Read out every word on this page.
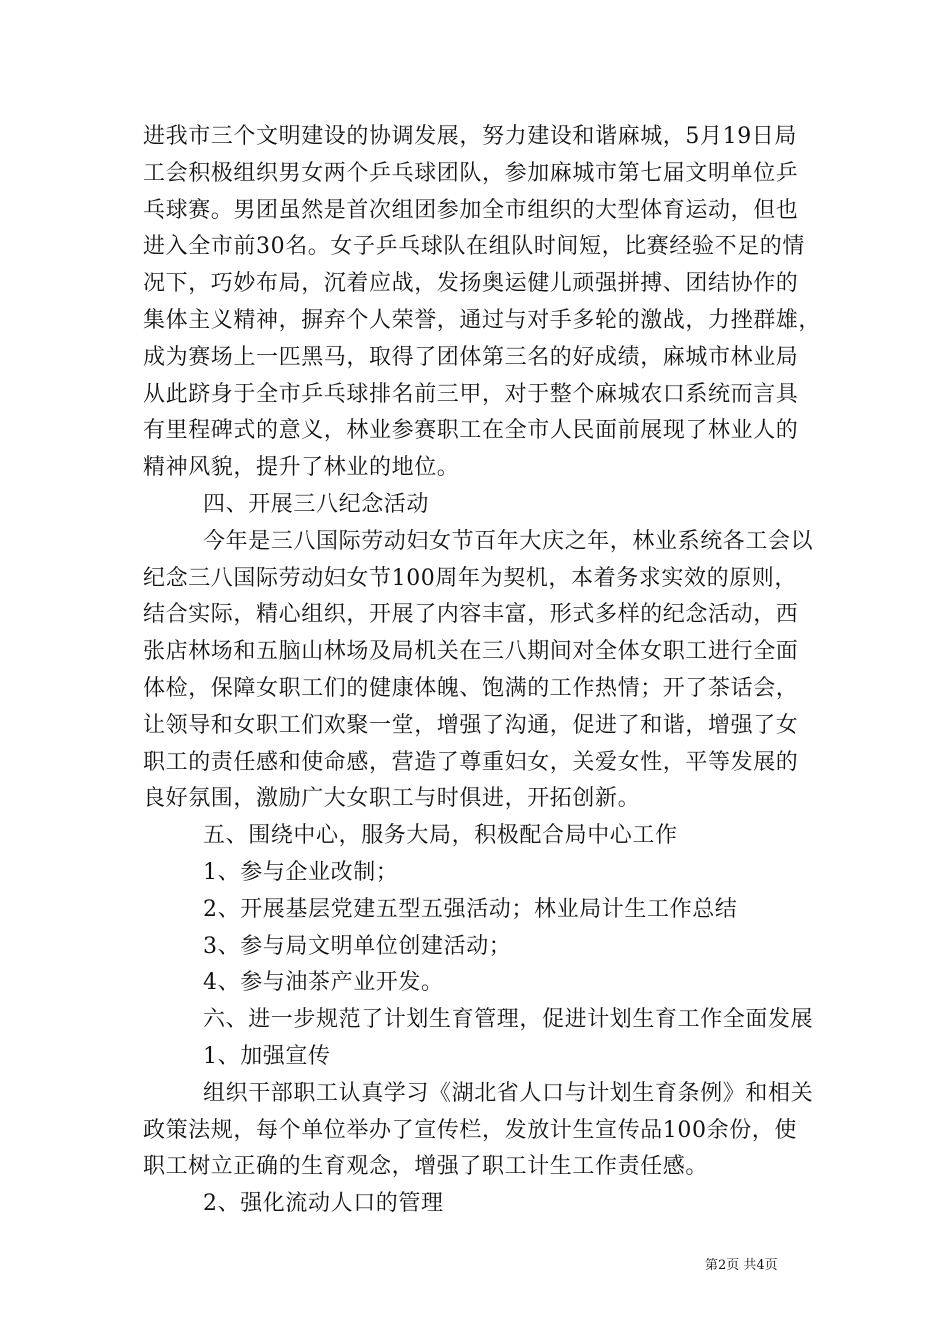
进我市三个文明建设的协调发展，努力建设和谐麻城，5月19日局
工会积极组织男女两个乒乓球团队，参加麻城市第七届文明单位乒
乓球赛。男团虽然是首次组团参加全市组织的大型体育运动，但也
进入全市前30名。女子乒乓球队在组队时间短，比赛经验不足的情
况下，巧妙布局，沉着应战，发扬奥运健儿顽强拼搏、团结协作的
集体主义精神，摒弃个人荣誉，通过与对手多轮的激战，力挫群雄，
成为赛场上一匹黑马，取得了团体第三名的好成绩，麻城市林业局
从此跻身于全市乒乓球排名前三甲，对于整个麻城农口系统而言具
有里程碑式的意义，林业参赛职工在全市人民面前展现了林业人的
精神风貌，提升了林业的地位。
四、开展三八纪念活动
今年是三八国际劳动妇女节百年大庆之年，林业系统各工会以
纪念三八国际劳动妇女节100周年为契机，本着务求实效的原则，
结合实际，精心组织，开展了内容丰富，形式多样的纪念活动，西
张店林场和五脑山林场及局机关在三八期间对全体女职工进行全面
体检，保障女职工们的健康体魄、饱满的工作热情；开了茶话会，
让领导和女职工们欢聚一堂，增强了沟通，促进了和谐，增强了女
职工的责任感和使命感，营造了尊重妇女，关爱女性，平等发展的
良好氛围，激励广大女职工与时俱进，开拓创新。
五、围绕中心，服务大局，积极配合局中心工作
1、参与企业改制；
2、开展基层党建五型五强活动；林业局计生工作总结
3、参与局文明单位创建活动；
4、参与油茶产业开发。
六、进一步规范了计划生育管理，促进计划生育工作全面发展
1、加强宣传
组织干部职工认真学习《湖北省人口与计划生育条例》和相关
政策法规，每个单位举办了宣传栏，发放计生宣传品100余份，使
职工树立正确的生育观念，增强了职工计生工作责任感。
2、强化流动人口的管理
第2页 共4页
